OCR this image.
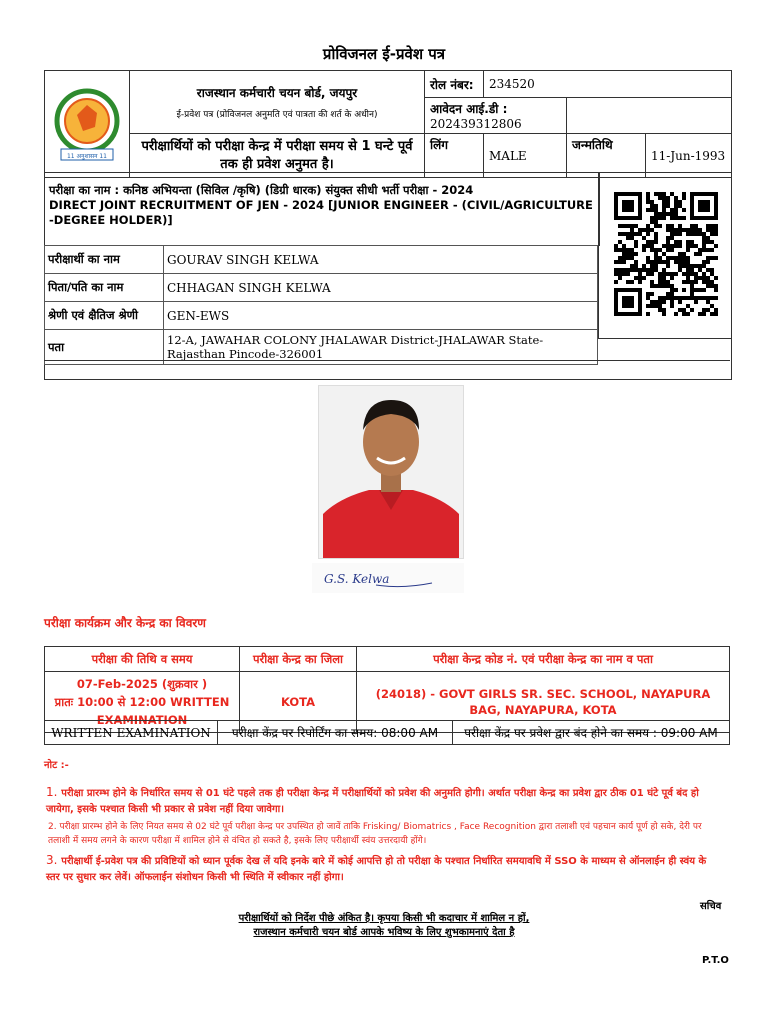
प्रोविजनल ई-प्रवेश पत्र
11 अनुशासन 11	राजस्थान कर्मचारी चयन बोर्ड, जयपुर
ई-प्रवेश पत्र (प्रोविजनल अनुमति एवं पात्रता की शर्त के अधीन)	रोल नंबर:	234520		
		आवेदन आई.डी : 202439312806			
	परीक्षार्थियों को परीक्षा केन्द्र में परीक्षा समय से 1 घन्टे पूर्व तक ही प्रवेश अनुमत है।	लिंग	MALE	जन्मतिथि	11-Jun-1993
परीक्षा का नाम : कनिष्ठ अभियन्ता (सिविल /कृषि) (डिग्री धारक) संयुक्त सीधी भर्ती परीक्षा - 2024
DIRECT JOINT RECRUITMENT OF JEN - 2024 [JUNIOR ENGINEER - (CIVIL/AGRICULTURE -DEGREE HOLDER)]
परीक्षार्थी का नाम	GOURAV SINGH KELWA
पिता/पति का नाम	CHHAGAN SINGH KELWA
श्रेणी एवं क्षैतिज श्रेणी	GEN-EWS
पता	12-A, JAWAHAR COLONY JHALAWAR District-JHALAWAR State-Rajasthan Pincode-326001
G.S. Kelwa
परीक्षा कार्यक्रम और केन्द्र का विवरण
परीक्षा की तिथि व समय	परीक्षा केन्द्र का जिला	परीक्षा केन्द्र कोड नं. एवं परीक्षा केन्द्र का नाम व पता

07-Feb-2025 (शुक्रवार )
प्रातः 10:00 से 12:00 WRITTEN EXAMINATION	KOTA	(24018) - GOVT GIRLS SR. SEC. SCHOOL, NAYAPURA BAG, NAYAPURA, KOTA
WRITTEN EXAMINATION	परीक्षा केंद्र पर रिपोर्टिंग का समय: 08:00 AM	परीक्षा केंद्र पर प्रवेश द्वार बंद होने का समय : 09:00 AM
नोट :-
1. परीक्षा प्रारम्भ होने के निर्धारित समय से 01 घंटे पहले तक ही परीक्षा केन्द्र में परीक्षार्थियों को प्रवेश की अनुमति होगी। अर्थात परीक्षा केन्द्र का प्रवेश द्वार ठीक 01 घंटे पूर्व बंद हो जायेगा, इसके पश्चात किसी भी प्रकार से प्रवेश नहीं दिया जावेगा।
2. परीक्षा प्रारम्भ होने के लिए नियत समय से 02 घंटे पूर्व परीक्षा केन्द्र पर उपस्थित हो जावें ताकि Frisking/ Biomatrics , Face Recognition द्वारा तलाशी एवं पहचान कार्य पूर्ण हो सके, देरी पर तलाशी में समय लगने के कारण परीक्षा में शामिल होने से वंचित हो सकते है, इसके लिए परीक्षार्थी स्वंय उत्तरदायी होंगे।
3. परीक्षार्थी ई-प्रवेश पत्र की प्रविष्टियों को ध्यान पूर्वक देख लें यदि इनके बारे में कोई आपत्ति हो तो परीक्षा के पश्चात निर्धारित समयावधि में SSO के माध्यम से ऑनलाईन ही स्वंय के स्तर पर सुधार कर लेवें। ऑफलाईन संशोधन किसी भी स्थिति में स्वीकार नहीं होगा।
सचिव
परीक्षार्थियों को निर्देश पीछे अंकित है। कृपया किसी भी कदाचार में शामिल न हों,
राजस्थान कर्मचारी चयन बोर्ड आपके भविष्य के लिए शुभकामनाएं देता है
P.T.O
